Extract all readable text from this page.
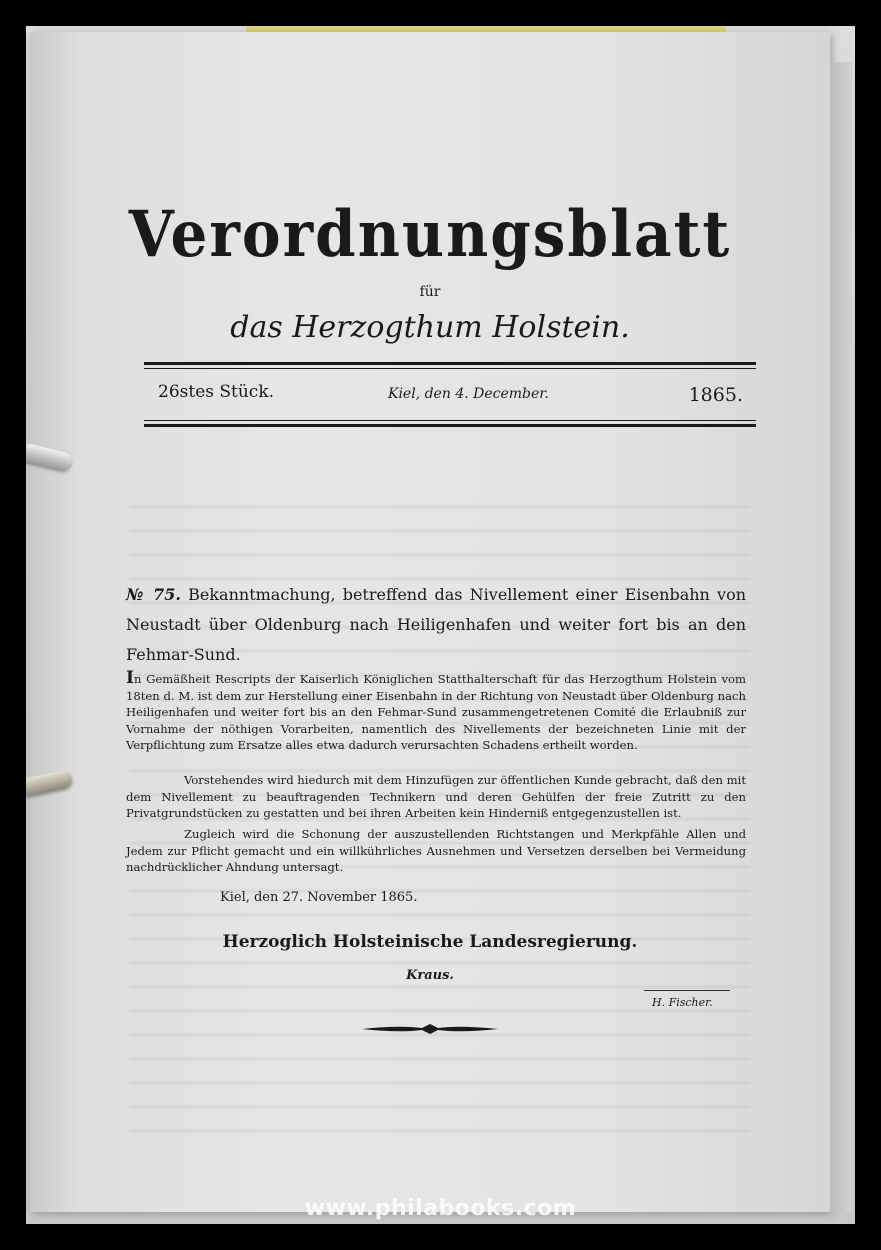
Verordnungsblatt
für
das Herzogthum Holstein.
26stes Stück.	Kiel, den 4. December.	1865.
№ 75. Bekanntmachung, betreffend das Nivellement einer Eisenbahn von Neustadt über Oldenburg nach Heiligenhafen und weiter fort bis an den Fehmar-Sund.
In Gemäßheit Rescripts der Kaiserlich Königlichen Statthalterschaft für das Herzogthum Holstein vom 18ten d. M. ist dem zur Herstellung einer Eisenbahn in der Richtung von Neustadt über Oldenburg nach Heiligenhafen und weiter fort bis an den Fehmar-Sund zusammengetretenen Comité die Erlaubniß zur Vornahme der nöthigen Vorarbeiten, namentlich des Nivellements der bezeichneten Linie mit der Verpflichtung zum Ersatze alles etwa dadurch verursachten Schadens ertheilt worden.
Vorstehendes wird hiedurch mit dem Hinzufügen zur öffentlichen Kunde gebracht, daß den mit dem Nivellement zu beauftragenden Technikern und deren Gehülfen der freie Zutritt zu den Privatgrundstücken zu gestatten und bei ihren Arbeiten kein Hinderniß entgegenzustellen ist.
Zugleich wird die Schonung der auszustellenden Richtstangen und Merkpfähle Allen und Jedem zur Pflicht gemacht und ein willkührliches Ausnehmen und Versetzen derselben bei Vermeidung nachdrücklicher Ahndung untersagt.
Kiel, den 27. November 1865.
Herzoglich Holsteinische Landesregierung.
Kraus.
H. Fischer.
www.philabooks.com
